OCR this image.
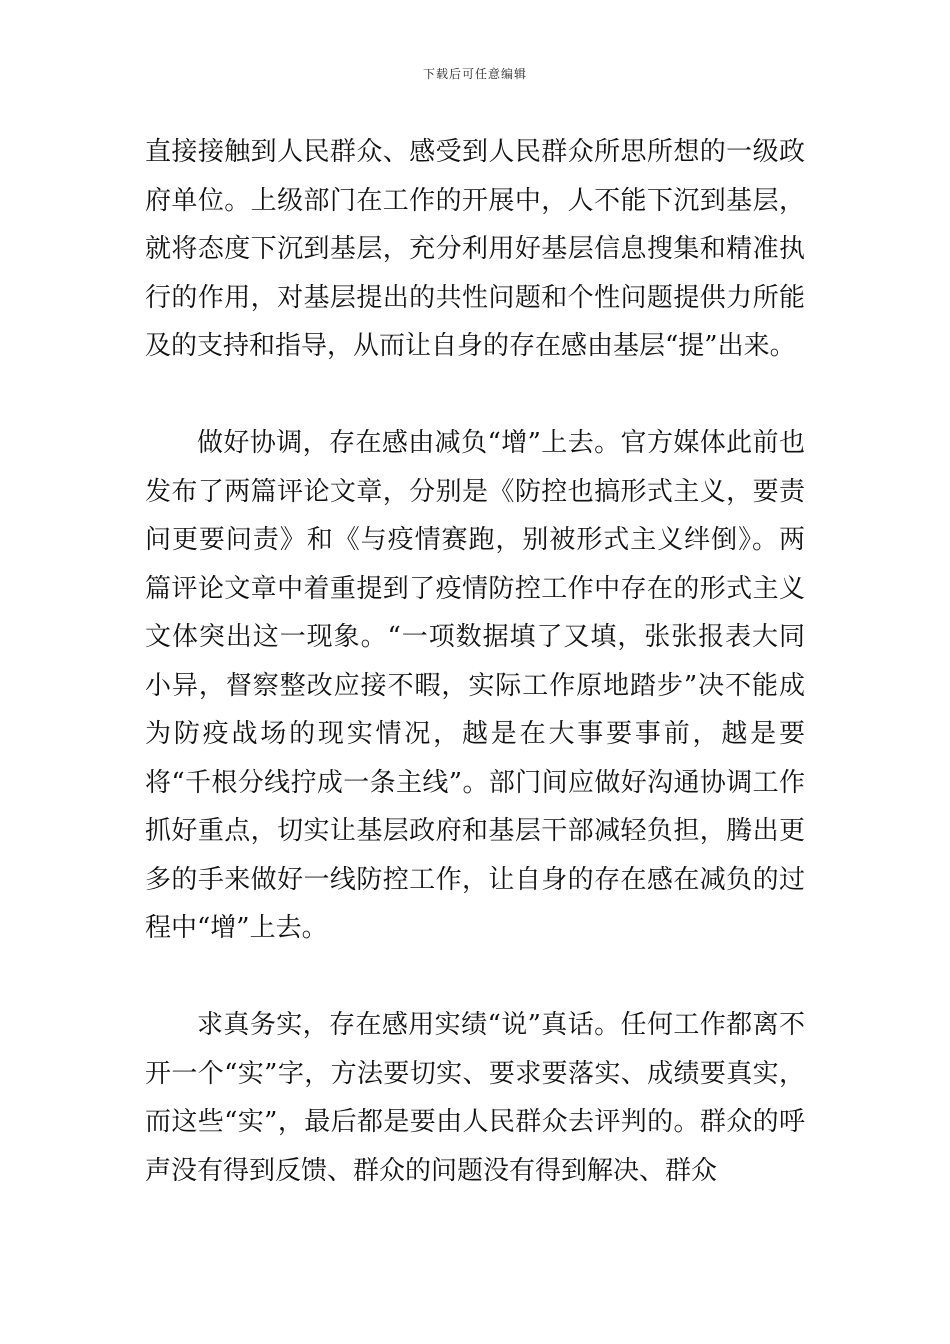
下载后可任意编辑

直接接触到人民群众、感受到人民群众所思所想的一级政府单位。上级部门在工作的开展中，人不能下沉到基层，就将态度下沉到基层，充分利用好基层信息搜集和精准执行的作用，对基层提出的共性问题和个性问题提供力所能及的支持和指导，从而让自身的存在感由基层“提”出来。

做好协调，存在感由减负“增”上去。官方媒体此前也发布了两篇评论文章，分别是《防控也搞形式主义，要责问更要问责》和《与疫情赛跑，别被形式主义绊倒》。两篇评论文章中着重提到了疫情防控工作中存在的形式主义文体突出这一现象。“一项数据填了又填，张张报表大同小异，督察整改应接不暇，实际工作原地踏步”决不能成为防疫战场的现实情况，越是在大事要事前，越是要将“千根分线拧成一条主线”。部门间应做好沟通协调工作抓好重点，切实让基层政府和基层干部减轻负担，腾出更多的手来做好一线防控工作，让自身的存在感在减负的过程中“增”上去。

求真务实，存在感用实绩“说”真话。任何工作都离不开一个“实”字，方法要切实、要求要落实、成绩要真实，而这些“实”，最后都是要由人民群众去评判的。群众的呼声没有得到反馈、群众的问题没有得到解决、群众
